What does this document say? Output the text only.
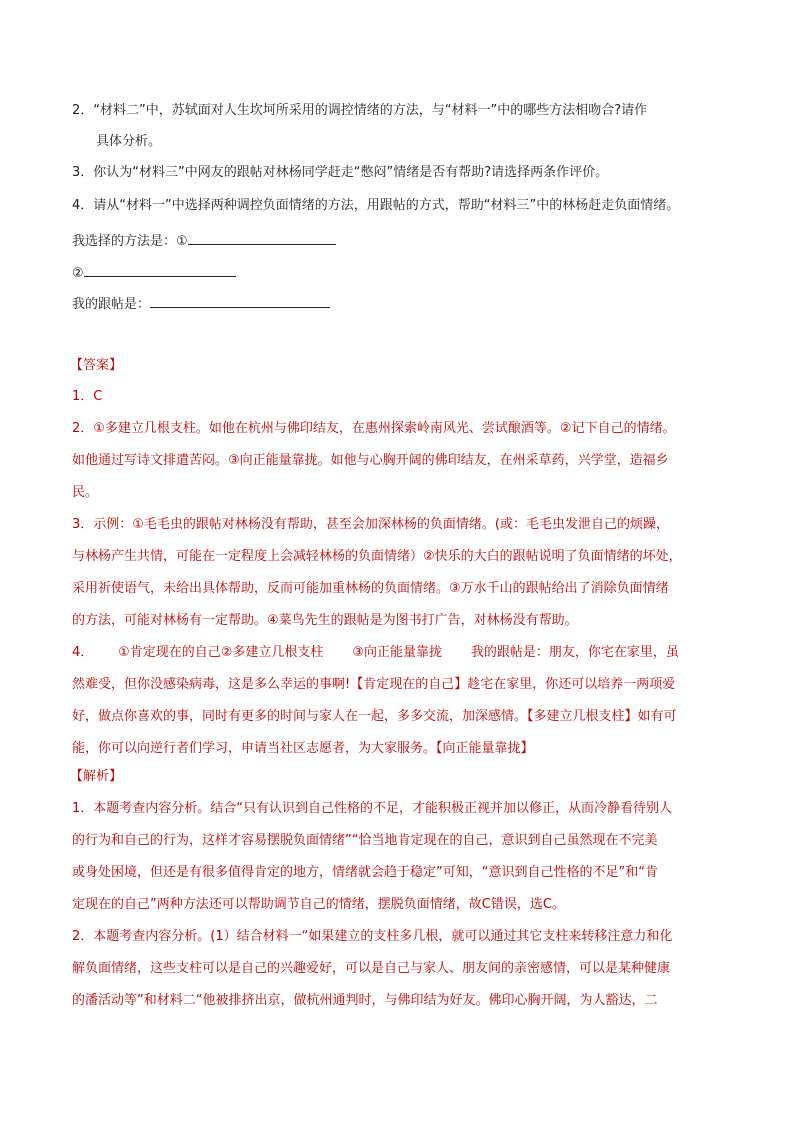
2．“材料二”中，苏轼面对人生坎坷所采用的调控情绪的方法，与“材料一”中的哪些方法相吻合?请作
具体分析。
3．你认为“材料三”中网友的跟帖对林杨同学赶走“憋闷”情绪是否有帮助?请选择两条作评价。
4．请从“材料一”中选择两种调控负面情绪的方法，用跟帖的方式，帮助“材料三”中的林杨赶走负面情绪。
我选择的方法是：①
②
我的跟帖是：
【答案】
1．C
2．①多建立几根支柱。如他在杭州与佛印结友，在惠州探索岭南风光、尝试酿酒等。②记下自己的情绪。
如他通过写诗文排遣苦闷。③向正能量靠拢。如他与心胸开阔的佛印结友，在州采草药，兴学堂，造福乡
民。
3．示例：①毛毛虫的跟帖对林杨没有帮助，甚至会加深林杨的负面情绪。(或：毛毛虫发泄自己的烦躁，
与林杨产生共情，可能在一定程度上会减轻林杨的负面情绪）②快乐的大白的跟帖说明了负面情绪的坏处，
采用祈使语气，未给出具体帮助，反而可能加重林杨的负面情绪。③万水千山的跟帖给出了消除负面情绪
的方法，可能对林杨有一定帮助。④菜鸟先生的跟帖是为图书打广告，对林杨没有帮助。
4．      ①肯定现在的自己②多建立几根支柱       ③向正能量靠拢       我的跟帖是：朋友，你宅在家里，虽
然难受，但你没感染病毒，这是多么幸运的事啊!【肯定现在的自己】趁宅在家里，你还可以培养一两项爱
好，做点你喜欢的事，同时有更多的时间与家人在一起，多多交流，加深感情。【多建立几根支柱】如有可
能，你可以向逆行者们学习，申请当社区志愿者，为大家服务。【向正能量靠拢】
【解析】
1．本题考查内容分析。结合“只有认识到自己性格的不足，才能积极正视并加以修正，从而冷静看待别人
的行为和自己的行为，这样才容易摆脱负面情绪”“恰当地肯定现在的自己，意识到自己虽然现在不完美
或身处困境，但还是有很多值得肯定的地方，情绪就会趋于稳定”可知，“意识到自己性格的不足”和“肯
定现在的自己”两种方法还可以帮助调节自己的情绪，摆脱负面情绪，故C错误，选C。
2．本题考查内容分析。(1）结合材料一“如果建立的支柱多几根，就可以通过其它支柱来转移注意力和化
解负面情绪，这些支柱可以是自己的兴趣爱好，可以是自己与家人、朋友间的亲密感情，可以是某种健康
的潘活动等”和材料二“他被排挤出京，做杭州通判时，与佛印结为好友。佛印心胸开阔，为人豁达，二
